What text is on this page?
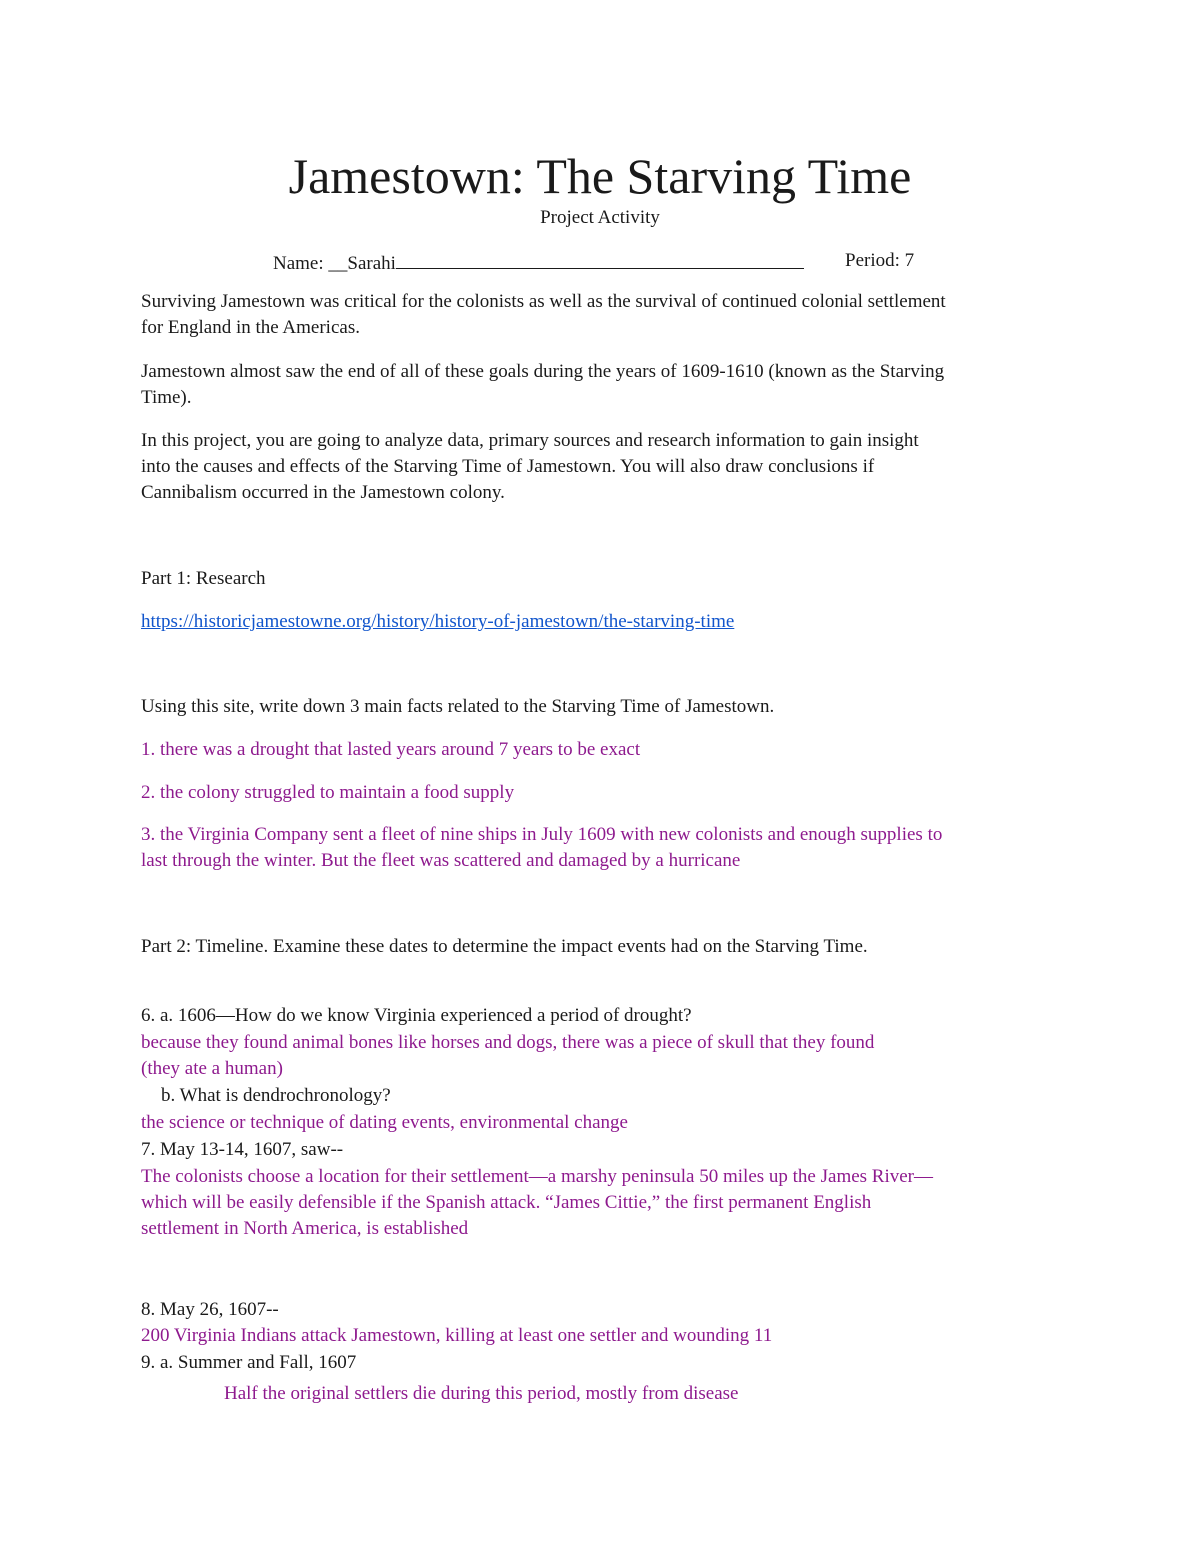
Jamestown: The Starving Time
Project Activity
Name: __Sarahi	Period: 7
Surviving Jamestown was critical for the colonists as well as the survival of continued colonial settlement
for England in the Americas.
Jamestown almost saw the end of all of these goals during the years of 1609-1610 (known as the Starving
Time).
In this project, you are going to analyze data, primary sources and research information to gain insight
into the causes and effects of the Starving Time of Jamestown. You will also draw conclusions if
Cannibalism occurred in the Jamestown colony.
Part 1: Research
https://historicjamestowne.org/history/history-of-jamestown/the-starving-time
Using this site, write down 3 main facts related to the Starving Time of Jamestown.
1. there was a drought that lasted years around 7 years to be exact
2. the colony struggled to maintain a food supply
3. the Virginia Company sent a fleet of nine ships in July 1609 with new colonists and enough supplies to
last through the winter. But the fleet was scattered and damaged by a hurricane
Part 2: Timeline. Examine these dates to determine the impact events had on the Starving Time.
6. a. 1606—How do we know Virginia experienced a period of drought?
because they found animal bones like horses and dogs, there was a piece of skull that they found
(they ate a human)
b. What is dendrochronology?
the science or technique of dating events, environmental change
7. May 13-14, 1607, saw--
The colonists choose a location for their settlement—a marshy peninsula 50 miles up the James River—
which will be easily defensible if the Spanish attack. “James Cittie,” the first permanent English
settlement in North America, is established
8. May 26, 1607--
200 Virginia Indians attack Jamestown, killing at least one settler and wounding 11
9. a. Summer and Fall, 1607
Half the original settlers die during this period, mostly from disease
